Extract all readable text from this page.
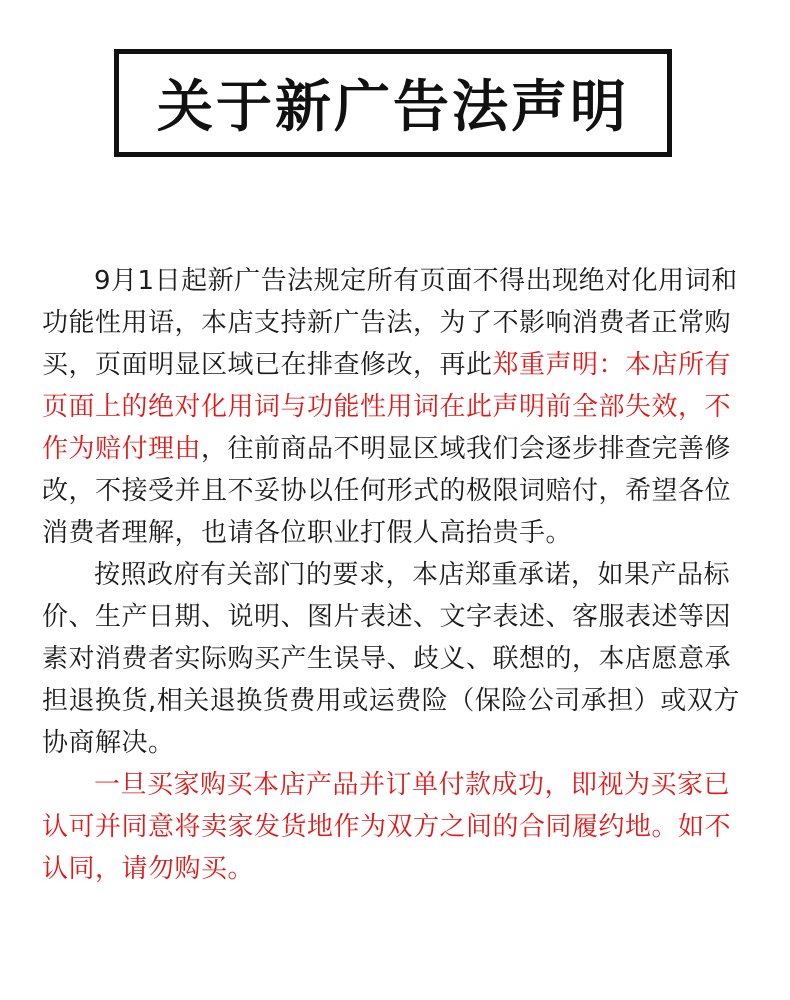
关于新广告法声明

9月1日起新广告法规定所有页面不得出现绝对化用词和功能性用语，本店支持新广告法，为了不影响消费者正常购买，页面明显区域已在排查修改，再此郑重声明：本店所有页面上的绝对化用词与功能性用词在此声明前全部失效，不作为赔付理由，往前商品不明显区域我们会逐步排查完善修改，不接受并且不妥协以任何形式的极限词赔付，希望各位消费者理解，也请各位职业打假人高抬贵手。

按照政府有关部门的要求，本店郑重承诺，如果产品标价、生产日期、说明、图片表述、文字表述、客服表述等因素对消费者实际购买产生误导、歧义、联想的，本店愿意承担退换货,相关退换货费用或运费险（保险公司承担）或双方协商解决。

一旦买家购买本店产品并订单付款成功，即视为买家已认可并同意将卖家发货地作为双方之间的合同履约地。如不认同，请勿购买。
